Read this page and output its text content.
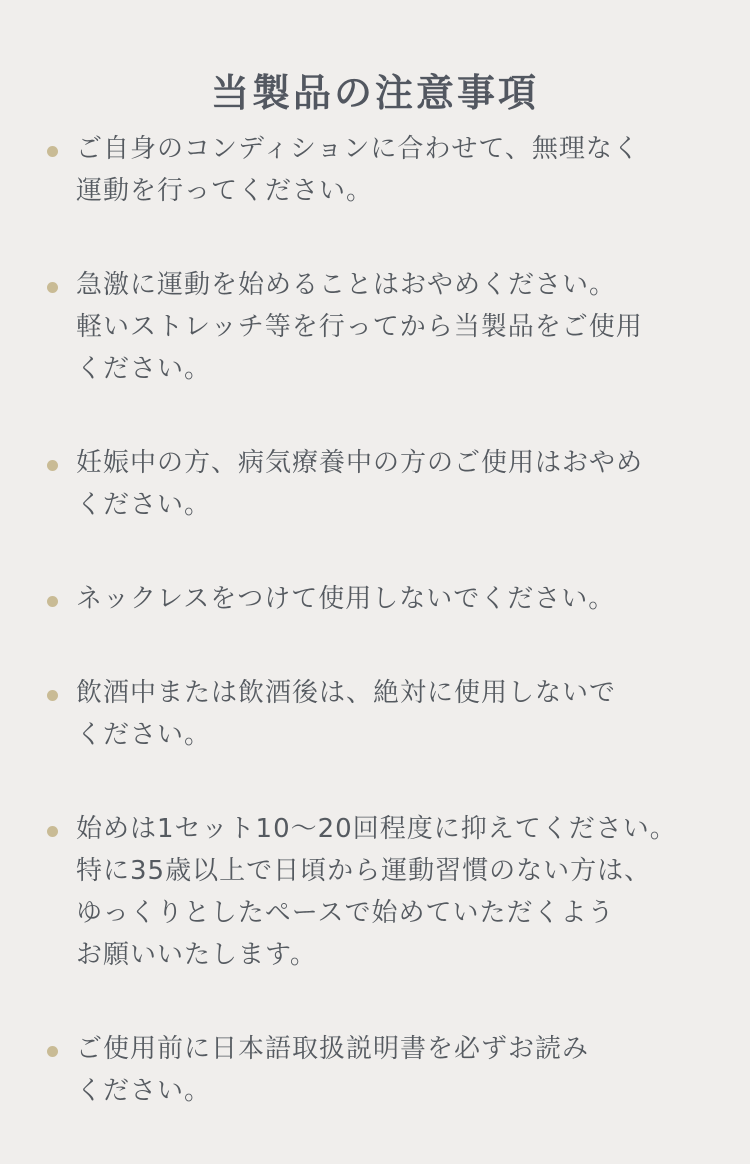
当製品の注意事項
ご自身のコンディションに合わせて、無理なく
運動を行ってください。
急激に運動を始めることはおやめください。
軽いストレッチ等を行ってから当製品をご使用
ください。
妊娠中の方、病気療養中の方のご使用はおやめ
ください。
ネックレスをつけて使用しないでください。
飲酒中または飲酒後は、絶対に使用しないで
ください。
始めは1セット10〜20回程度に抑えてください。
特に35歳以上で日頃から運動習慣のない方は、
ゆっくりとしたペースで始めていただくよう
お願いいたします。
ご使用前に日本語取扱説明書を必ずお読み
ください。
